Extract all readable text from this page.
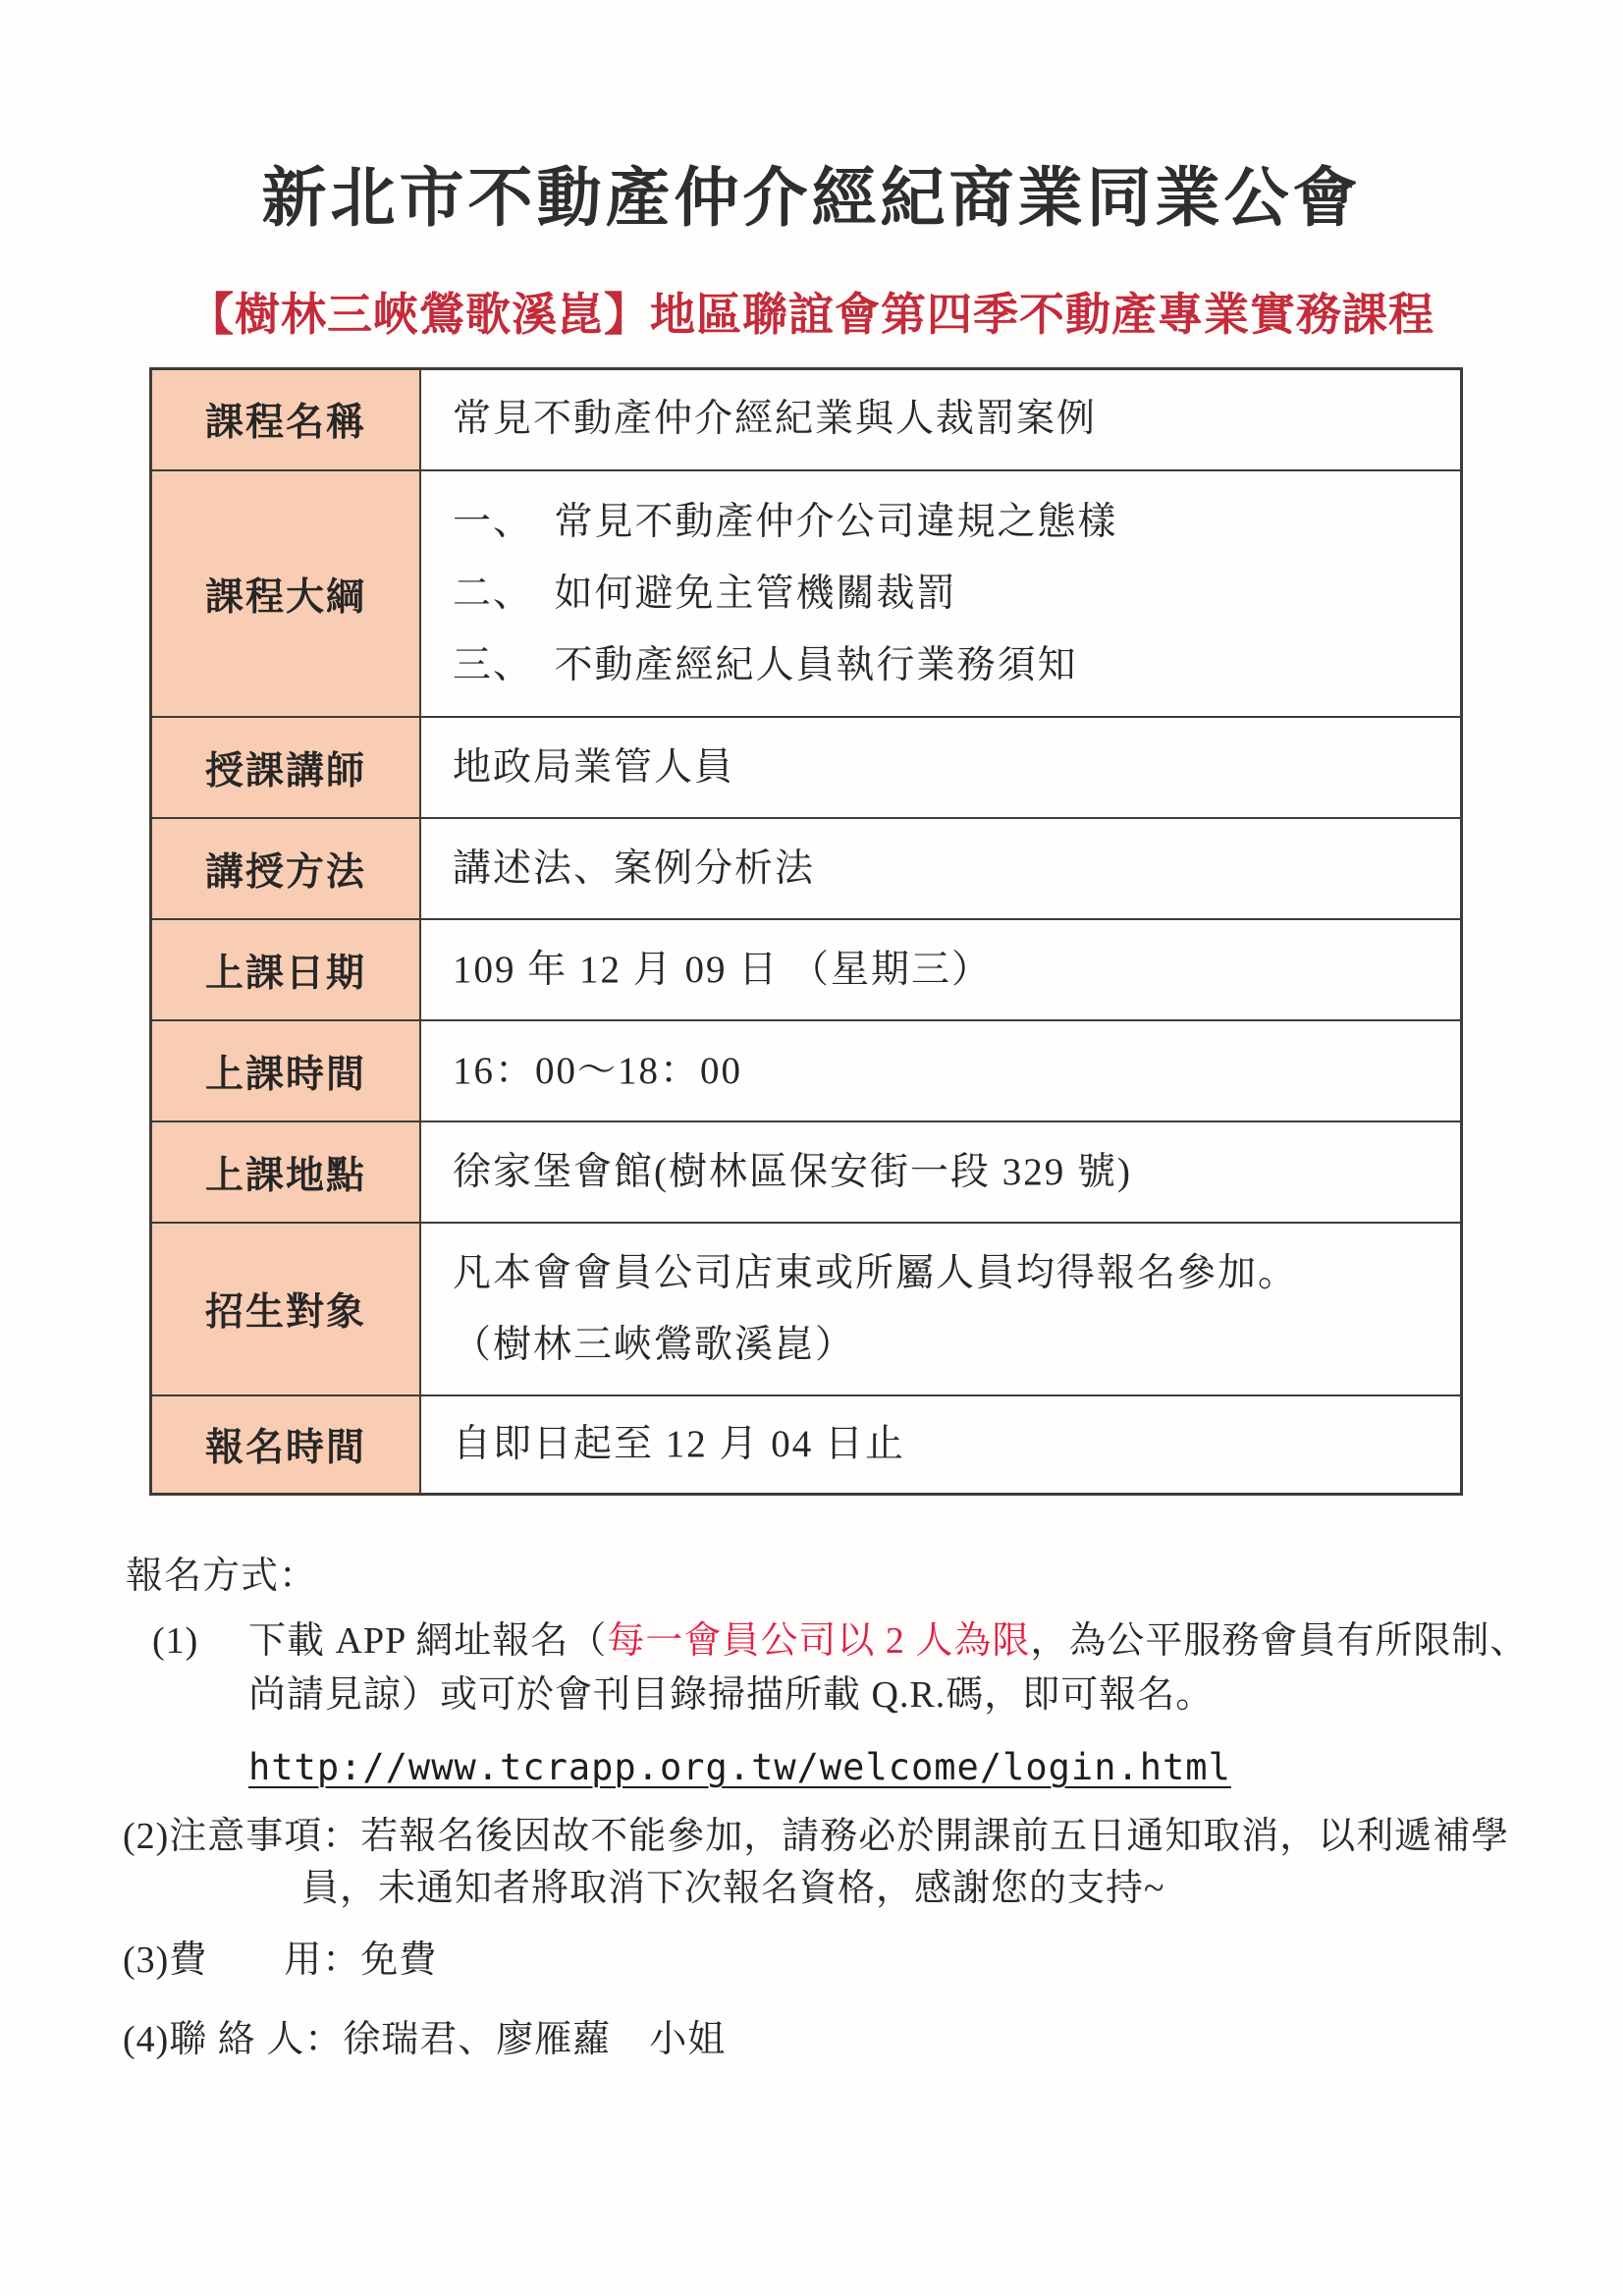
新北市不動產仲介經紀商業同業公會
【樹林三峽鶯歌溪崑】地區聯誼會第四季不動產專業實務課程
課程名稱	常見不動產仲介經紀業與人裁罰案例

課程大綱	一、　常見不動產仲介公司違規之態樣
二、　如何避免主管機關裁罰
三、　不動產經紀人員執行業務須知

授課講師	地政局業管人員

講授方法	講述法、案例分析法

上課日期	109 年 12 月 09 日 （星期三）

上課時間	16：00～18：00

上課地點	徐家堡會館(樹林區保安街一段 329 號)

招生對象	凡本會會員公司店東或所屬人員均得報名參加。
（樹林三峽鶯歌溪崑）

報名時間	自即日起至 12 月 04 日止
報名方式：
(1)	下載 APP 網址報名（每一會員公司以 2 人為限，為公平服務會員有所限制、
尚請見諒）或可於會刊目錄掃描所載 Q.R.碼，即可報名。
http://www.tcrapp.org.tw/welcome/login.html
(2)注意事項：若報名後因故不能參加，請務必於開課前五日通知取消，以利遞補學
員，未通知者將取消下次報名資格，感謝您的支持~
(3)費　　用：免費
(4)聯 絡 人：徐瑞君、廖雁蘿　小姐
